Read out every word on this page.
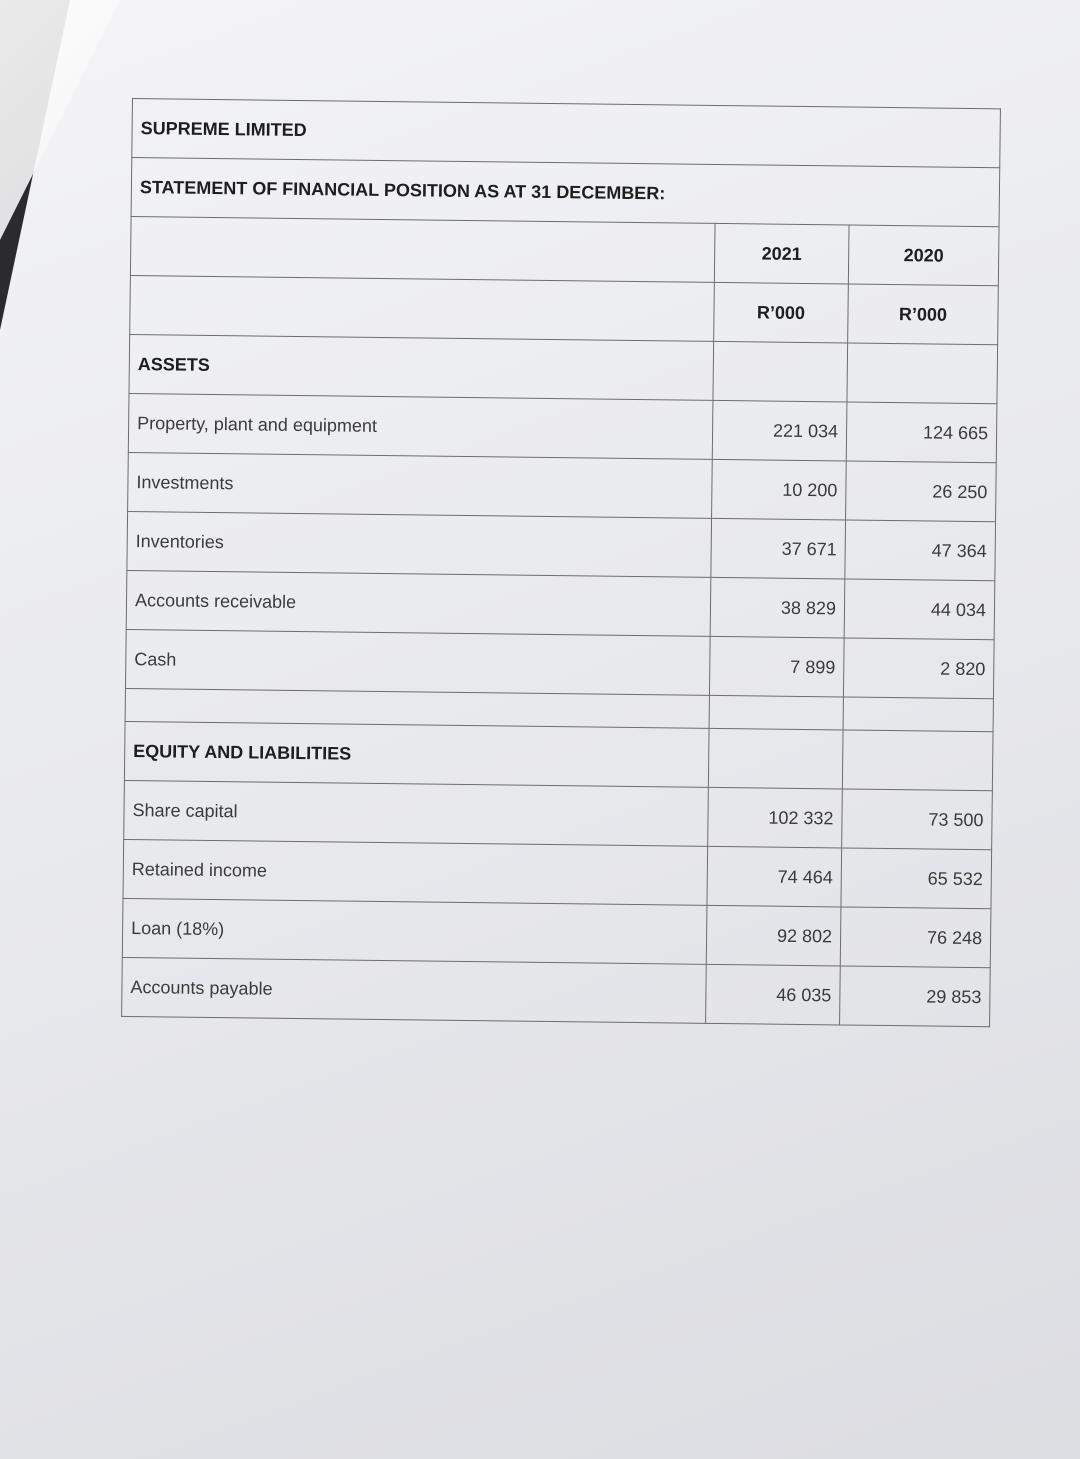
SUPREME LIMITED		
STATEMENT OF FINANCIAL POSITION AS AT 31 DECEMBER:		
	2021	2020
	R’000	R’000
ASSETS		
Property, plant and equipment	221 034	124 665
Investments	10 200	26 250
Inventories	37 671	47 364
Accounts receivable	38 829	44 034
Cash	7 899	2 820

EQUITY AND LIABILITIES		
Share capital	102 332	73 500
Retained income	74 464	65 532
Loan (18%)	92 802	76 248
Accounts payable	46 035	29 853
